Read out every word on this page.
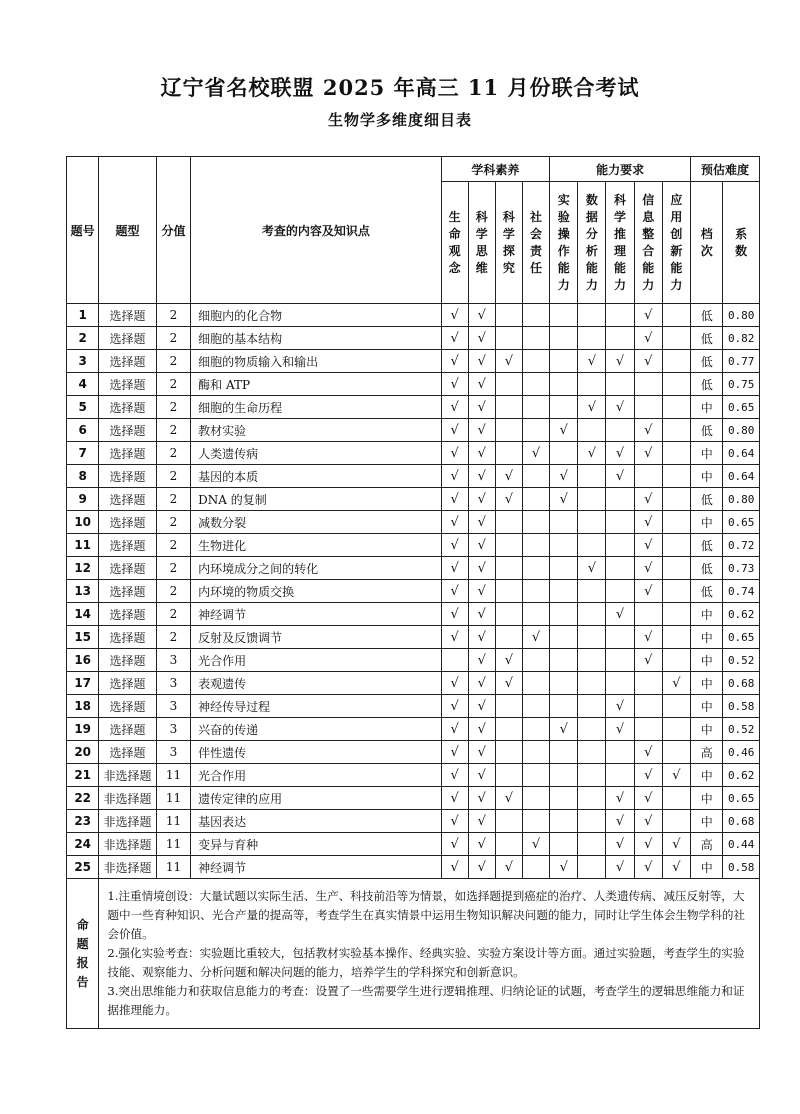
辽宁省名校联盟 2025 年高三 11 月份联合考试
生物学多维度细目表
题号	题型	分值	考查的内容及知识点	学科素养				能力要求					预估难度	
				生命观念	科学思维	科学探究	社会责任	实验操作能力	数据分析能力	科学推理能力	信息整合能力	应用创新能力	档次	系数
1	选择题	2	细胞内的化合物	√	√						√		低	0.80
2	选择题	2	细胞的基本结构	√	√						√		低	0.82
3	选择题	2	细胞的物质输入和输出	√	√	√			√	√	√		低	0.77
4	选择题	2	酶和 ATP	√	√								低	0.75
5	选择题	2	细胞的生命历程	√	√				√	√			中	0.65
6	选择题	2	教材实验	√	√			√			√		低	0.80
7	选择题	2	人类遗传病	√	√		√		√	√	√		中	0.64
8	选择题	2	基因的本质	√	√	√		√		√			中	0.64
9	选择题	2	DNA 的复制	√	√	√		√			√		低	0.80
10	选择题	2	减数分裂	√	√						√		中	0.65
11	选择题	2	生物进化	√	√						√		低	0.72
12	选择题	2	内环境成分之间的转化	√	√				√		√		低	0.73
13	选择题	2	内环境的物质交换	√	√						√		低	0.74
14	选择题	2	神经调节	√	√					√			中	0.62
15	选择题	2	反射及反馈调节	√	√		√				√		中	0.65
16	选择题	3	光合作用		√	√					√		中	0.52
17	选择题	3	表观遗传	√	√	√						√	中	0.68
18	选择题	3	神经传导过程	√	√					√			中	0.58
19	选择题	3	兴奋的传递	√	√			√		√			中	0.52
20	选择题	3	伴性遗传	√	√						√		高	0.46
21	非选择题	11	光合作用	√	√						√	√	中	0.62
22	非选择题	11	遗传定律的应用	√	√	√				√	√		中	0.65
23	非选择题	11	基因表达	√	√					√	√		中	0.68
24	非选择题	11	变异与育种	√	√		√			√	√	√	高	0.44
25	非选择题	11	神经调节	√	√	√		√		√	√	√	中	0.58
命题报告	1.注重情境创设：大量试题以实际生活、生产、科技前沿等为情景，如选择题提到癌症的治疗、人类遗传病、减压反射等，大题中一些育种知识、光合产量的提高等，考查学生在真实情景中运用生物知识解决问题的能力，同时让学生体会生物学科的社会价值。

2.强化实验考查：实验题比重较大，包括教材实验基本操作、经典实验、实验方案设计等方面。通过实验题，考查学生的实验技能、观察能力、分析问题和解决问题的能力，培养学生的学科探究和创新意识。

3.突出思维能力和获取信息能力的考查：设置了一些需要学生进行逻辑推理、归纳论证的试题，考查学生的逻辑思维能力和证据推理能力。													
